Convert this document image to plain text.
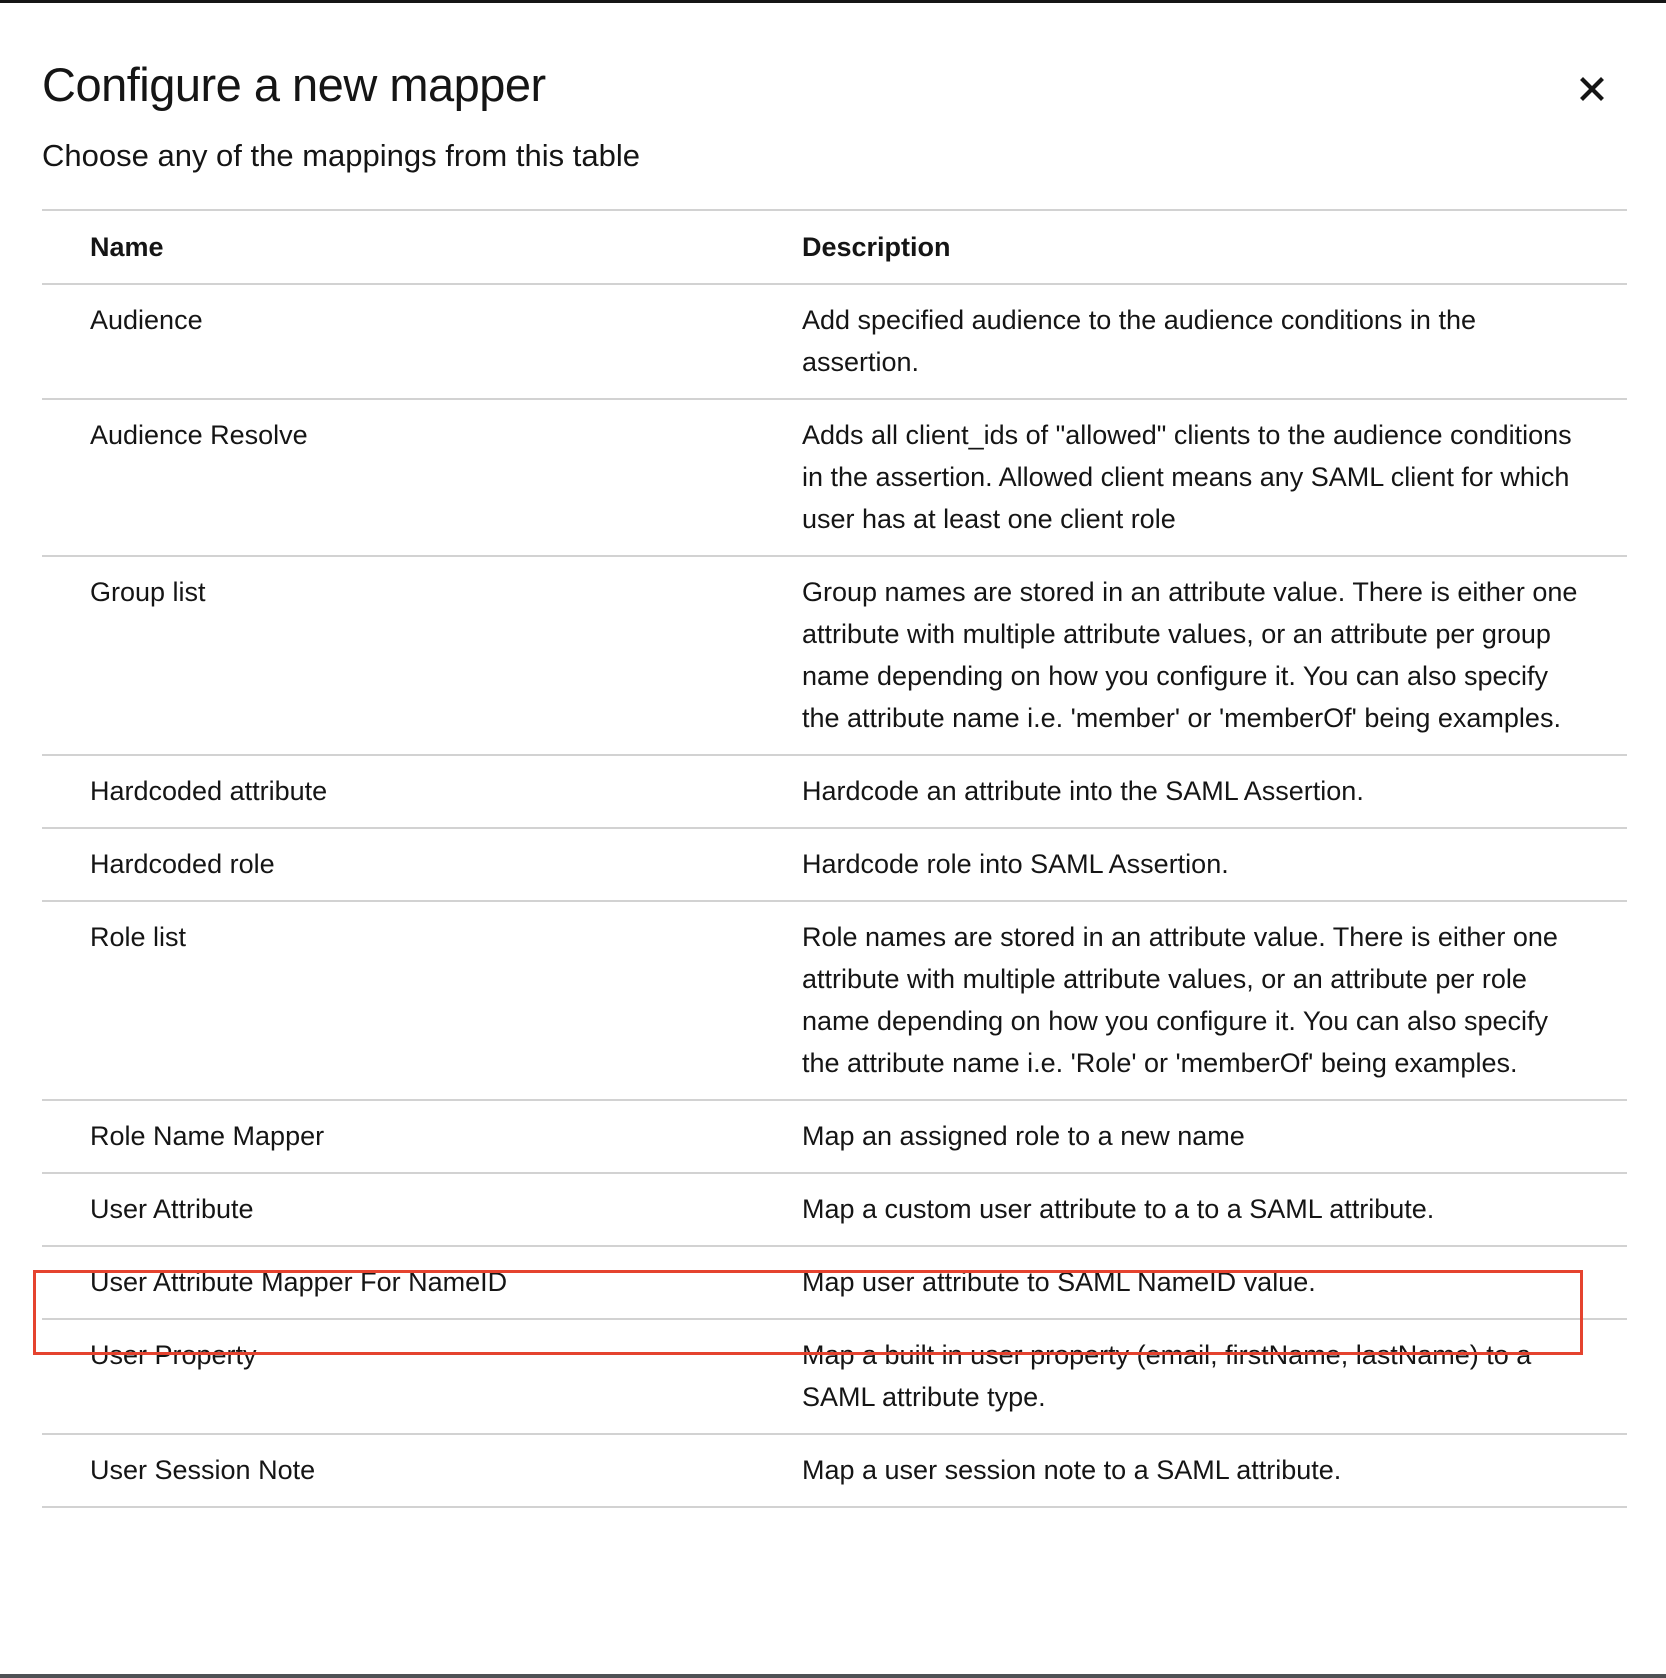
Configure a new mapper

Choose any of the mappings from this table

Name	Description
Audience	Add specified audience to the audience conditions in the assertion.
Audience Resolve	Adds all client_ids of "allowed" clients to the audience conditions in the assertion. Allowed client means any SAML client for which user has at least one client role
Group list	Group names are stored in an attribute value. There is either one attribute with multiple attribute values, or an attribute per group name depending on how you configure it. You can also specify the attribute name i.e. 'member' or 'memberOf' being examples.
Hardcoded attribute	Hardcode an attribute into the SAML Assertion.
Hardcoded role	Hardcode role into SAML Assertion.
Role list	Role names are stored in an attribute value. There is either one attribute with multiple attribute values, or an attribute per role name depending on how you configure it. You can also specify the attribute name i.e. 'Role' or 'memberOf' being examples.
Role Name Mapper	Map an assigned role to a new name
User Attribute	Map a custom user attribute to a to a SAML attribute.
User Attribute Mapper For NameID	Map user attribute to SAML NameID value.
User Property	Map a built in user property (email, firstName, lastName) to a SAML attribute type.
User Session Note	Map a user session note to a SAML attribute.
